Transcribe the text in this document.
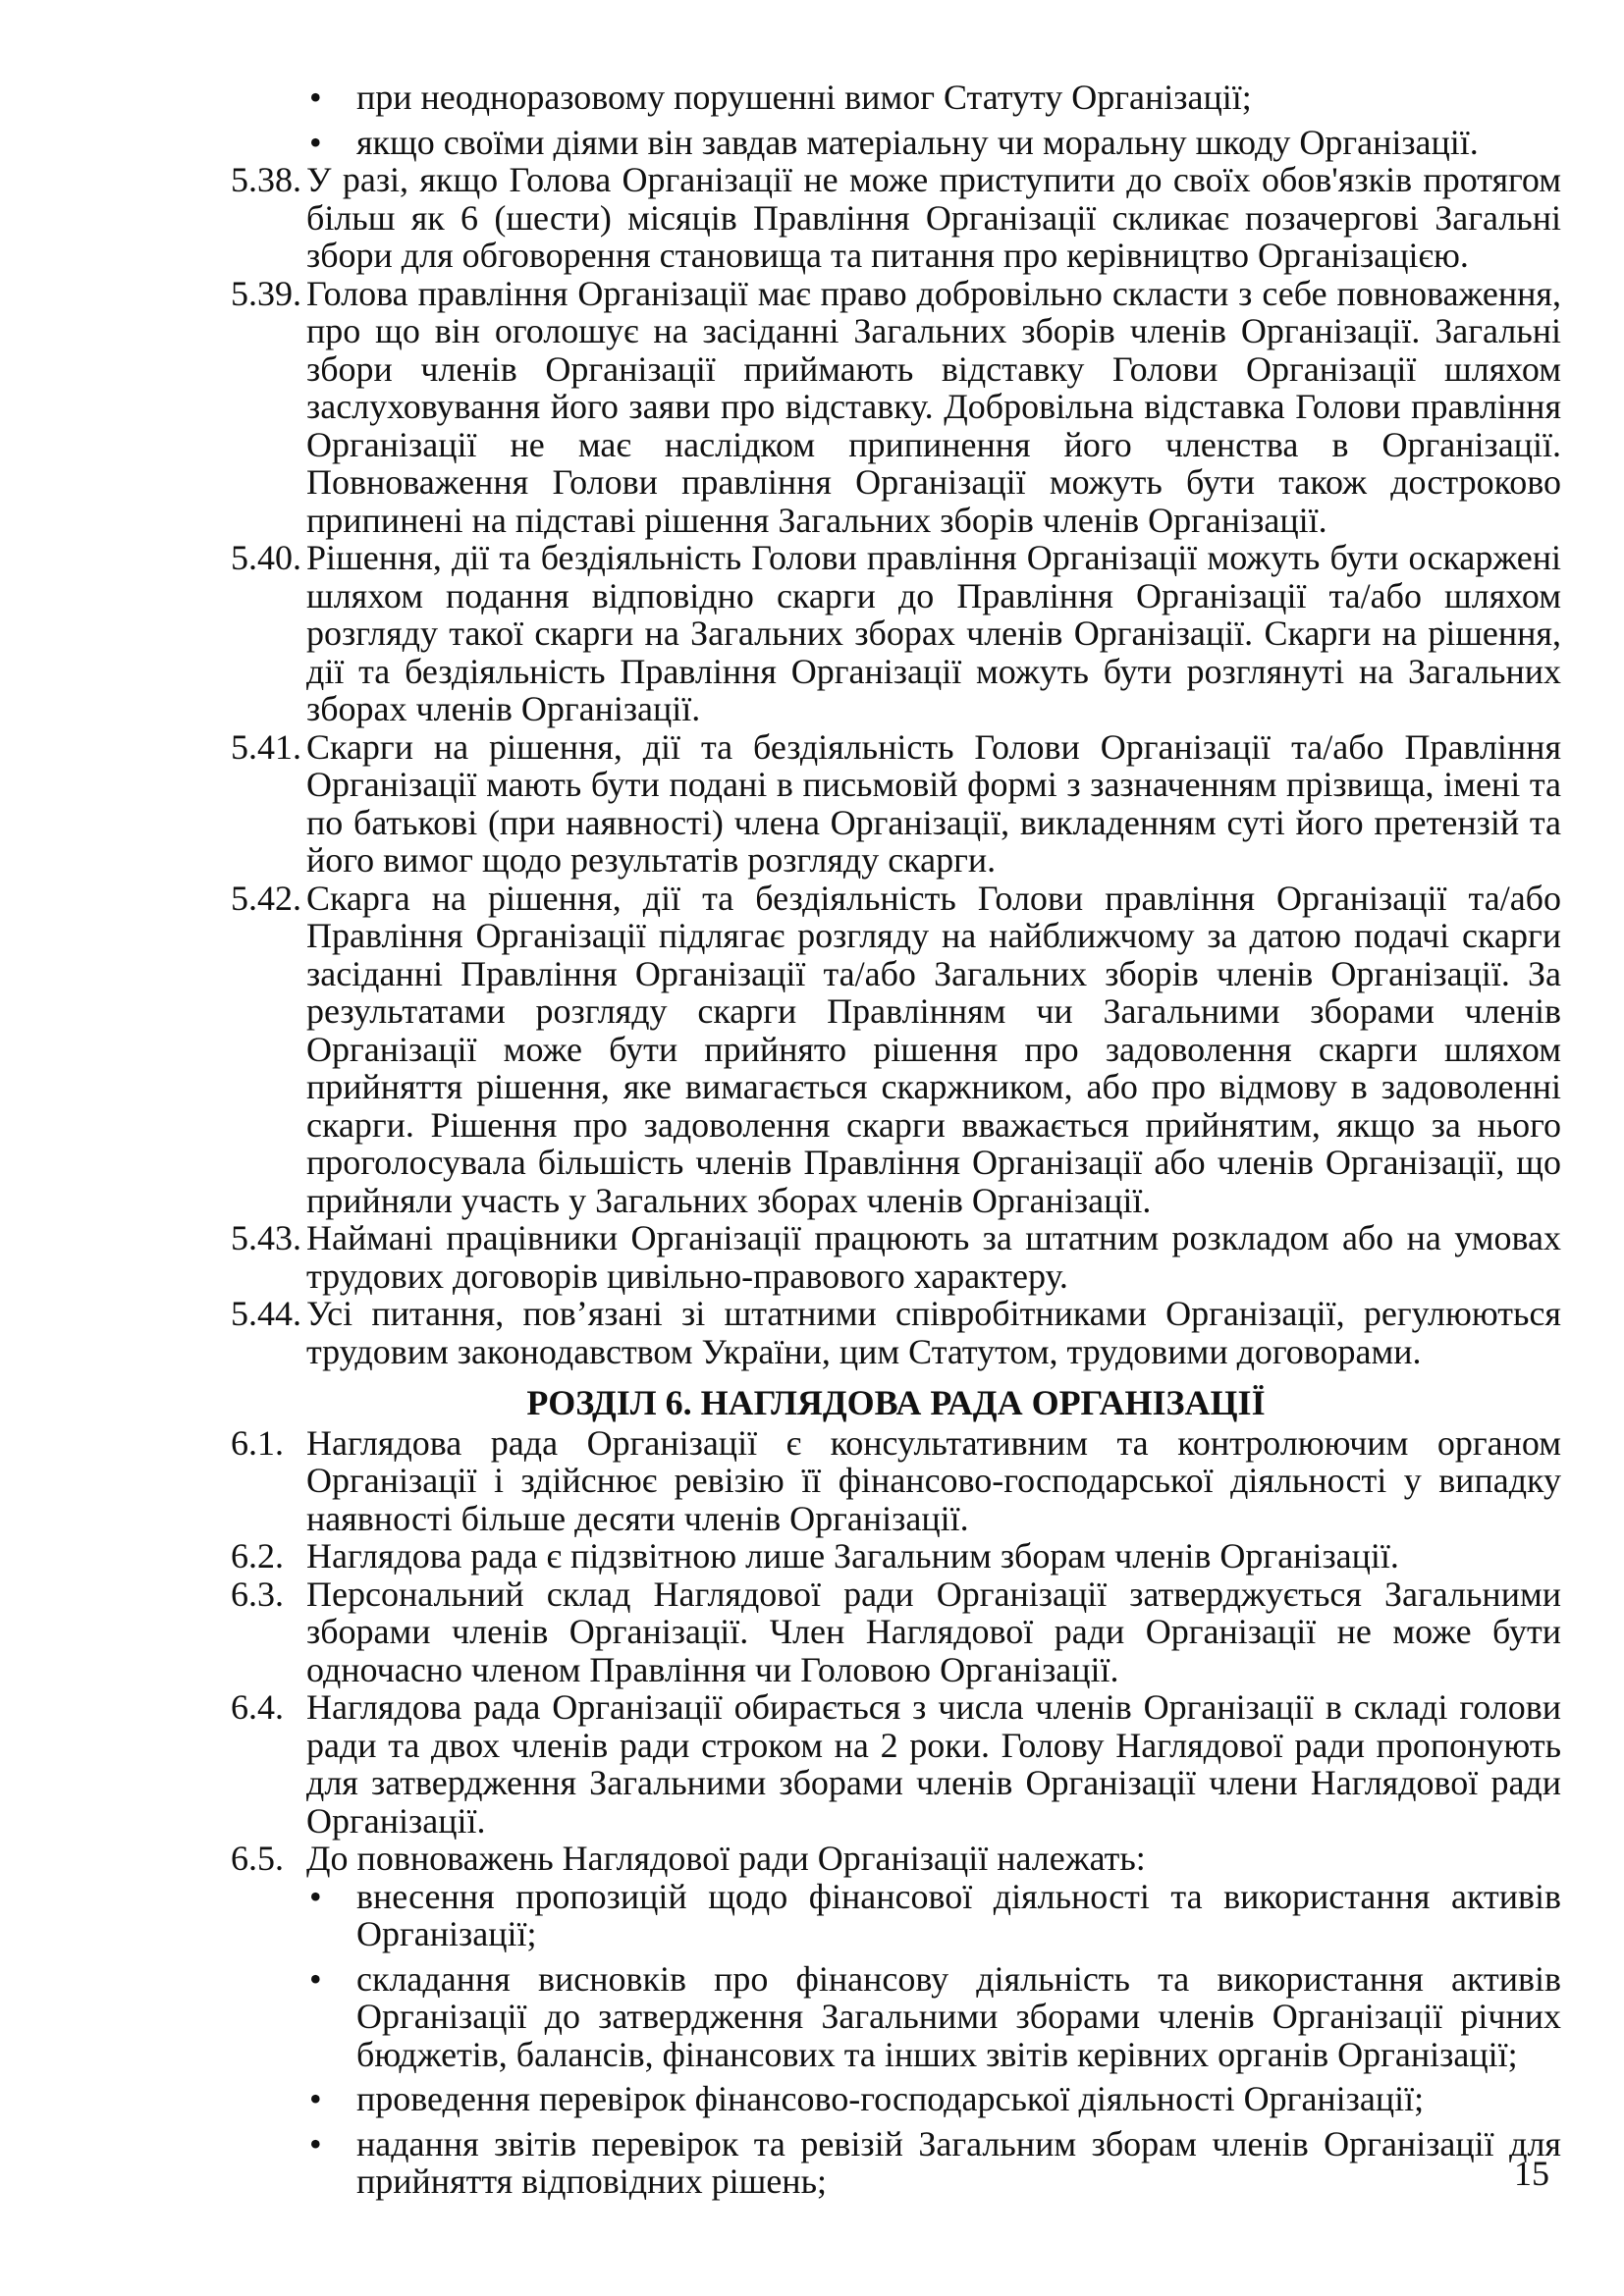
• при неодноразовому порушенні вимог Статуту Організації;
• якщо своїми діями він завдав матеріальну чи моральну шкоду Організації.
5.38. У разі, якщо Голова Організації не може приступити до своїх обов'язків протягом більш як 6 (шести) місяців Правління Організації скликає позачергові Загальні збори для обговорення становища та питання про керівництво Організацією.
5.39. Голова правління Організації має право добровільно скласти з себе повноваження, про що він оголошує на засіданні Загальних зборів членів Організації. Загальні збори членів Організації приймають відставку Голови Організації шляхом заслуховування його заяви про відставку. Добровільна відставка Голови правління Організації не має наслідком припинення його членства в Організації. Повноваження Голови правління Організації можуть бути також достроково припинені на підставі рішення Загальних зборів членів Організації.
5.40. Рішення, дії та бездіяльність Голови правління Організації можуть бути оскаржені шляхом подання відповідно скарги до Правління Організації та/або шляхом розгляду такої скарги на Загальних зборах членів Організації. Скарги на рішення, дії та бездіяльність Правління Організації можуть бути розглянуті на Загальних зборах членів Організації.
5.41. Скарги на рішення, дії та бездіяльність Голови Організації та/або Правління Організації мають бути подані в письмовій формі з зазначенням прізвища, імені та по батькові (при наявності) члена Організації, викладенням суті його претензій та його вимог щодо результатів розгляду скарги.
5.42. Скарга на рішення, дії та бездіяльність Голови правління Організації та/або Правління Організації підлягає розгляду на найближчому за датою подачі скарги засіданні Правління Організації та/або Загальних зборів членів Організації. За результатами розгляду скарги Правлінням чи Загальними зборами членів Організації може бути прийнято рішення про задоволення скарги шляхом прийняття рішення, яке вимагається скаржником, або про відмову в задоволенні скарги. Рішення про задоволення скарги вважається прийнятим, якщо за нього проголосувала більшість членів Правління Організації або членів Організації, що прийняли участь у Загальних зборах членів Організації.
5.43. Наймані працівники Організації працюють за штатним розкладом або на умовах трудових договорів цивільно-правового характеру.
5.44. Усі питання, пов’язані зі штатними співробітниками Організації, регулюються трудовим законодавством України, цим Статутом, трудовими договорами.
РОЗДІЛ 6. НАГЛЯДОВА РАДА ОРГАНІЗАЦІЇ
6.1. Наглядова рада Організації є консультативним та контролюючим органом Організації і здійснює ревізію її фінансово-господарської діяльності у випадку наявності більше десяти членів Організації.
6.2. Наглядова рада є підзвітною лише Загальним зборам членів Організації.
6.3. Персональний склад Наглядової ради Організації затверджується Загальними зборами членів Організації. Член Наглядової ради Організації не може бути одночасно членом Правління чи Головою Організації.
6.4. Наглядова рада Організації обирається з числа членів Організації в складі голови ради та двох членів ради строком на 2 роки. Голову Наглядової ради пропонують для затвердження Загальними зборами членів Організації члени Наглядової ради Організації.
6.5. До повноважень Наглядової ради Організації належать:
• внесення пропозицій щодо фінансової діяльності та використання активів Організації;
• складання висновків про фінансову діяльність та використання активів Організації до затвердження Загальними зборами членів Організації річних бюджетів, балансів, фінансових та інших звітів керівних органів Організації;
• проведення перевірок фінансово-господарської діяльності Організації;
• надання звітів перевірок та ревізій Загальним зборам членів Організації для прийняття відповідних рішень;	15
